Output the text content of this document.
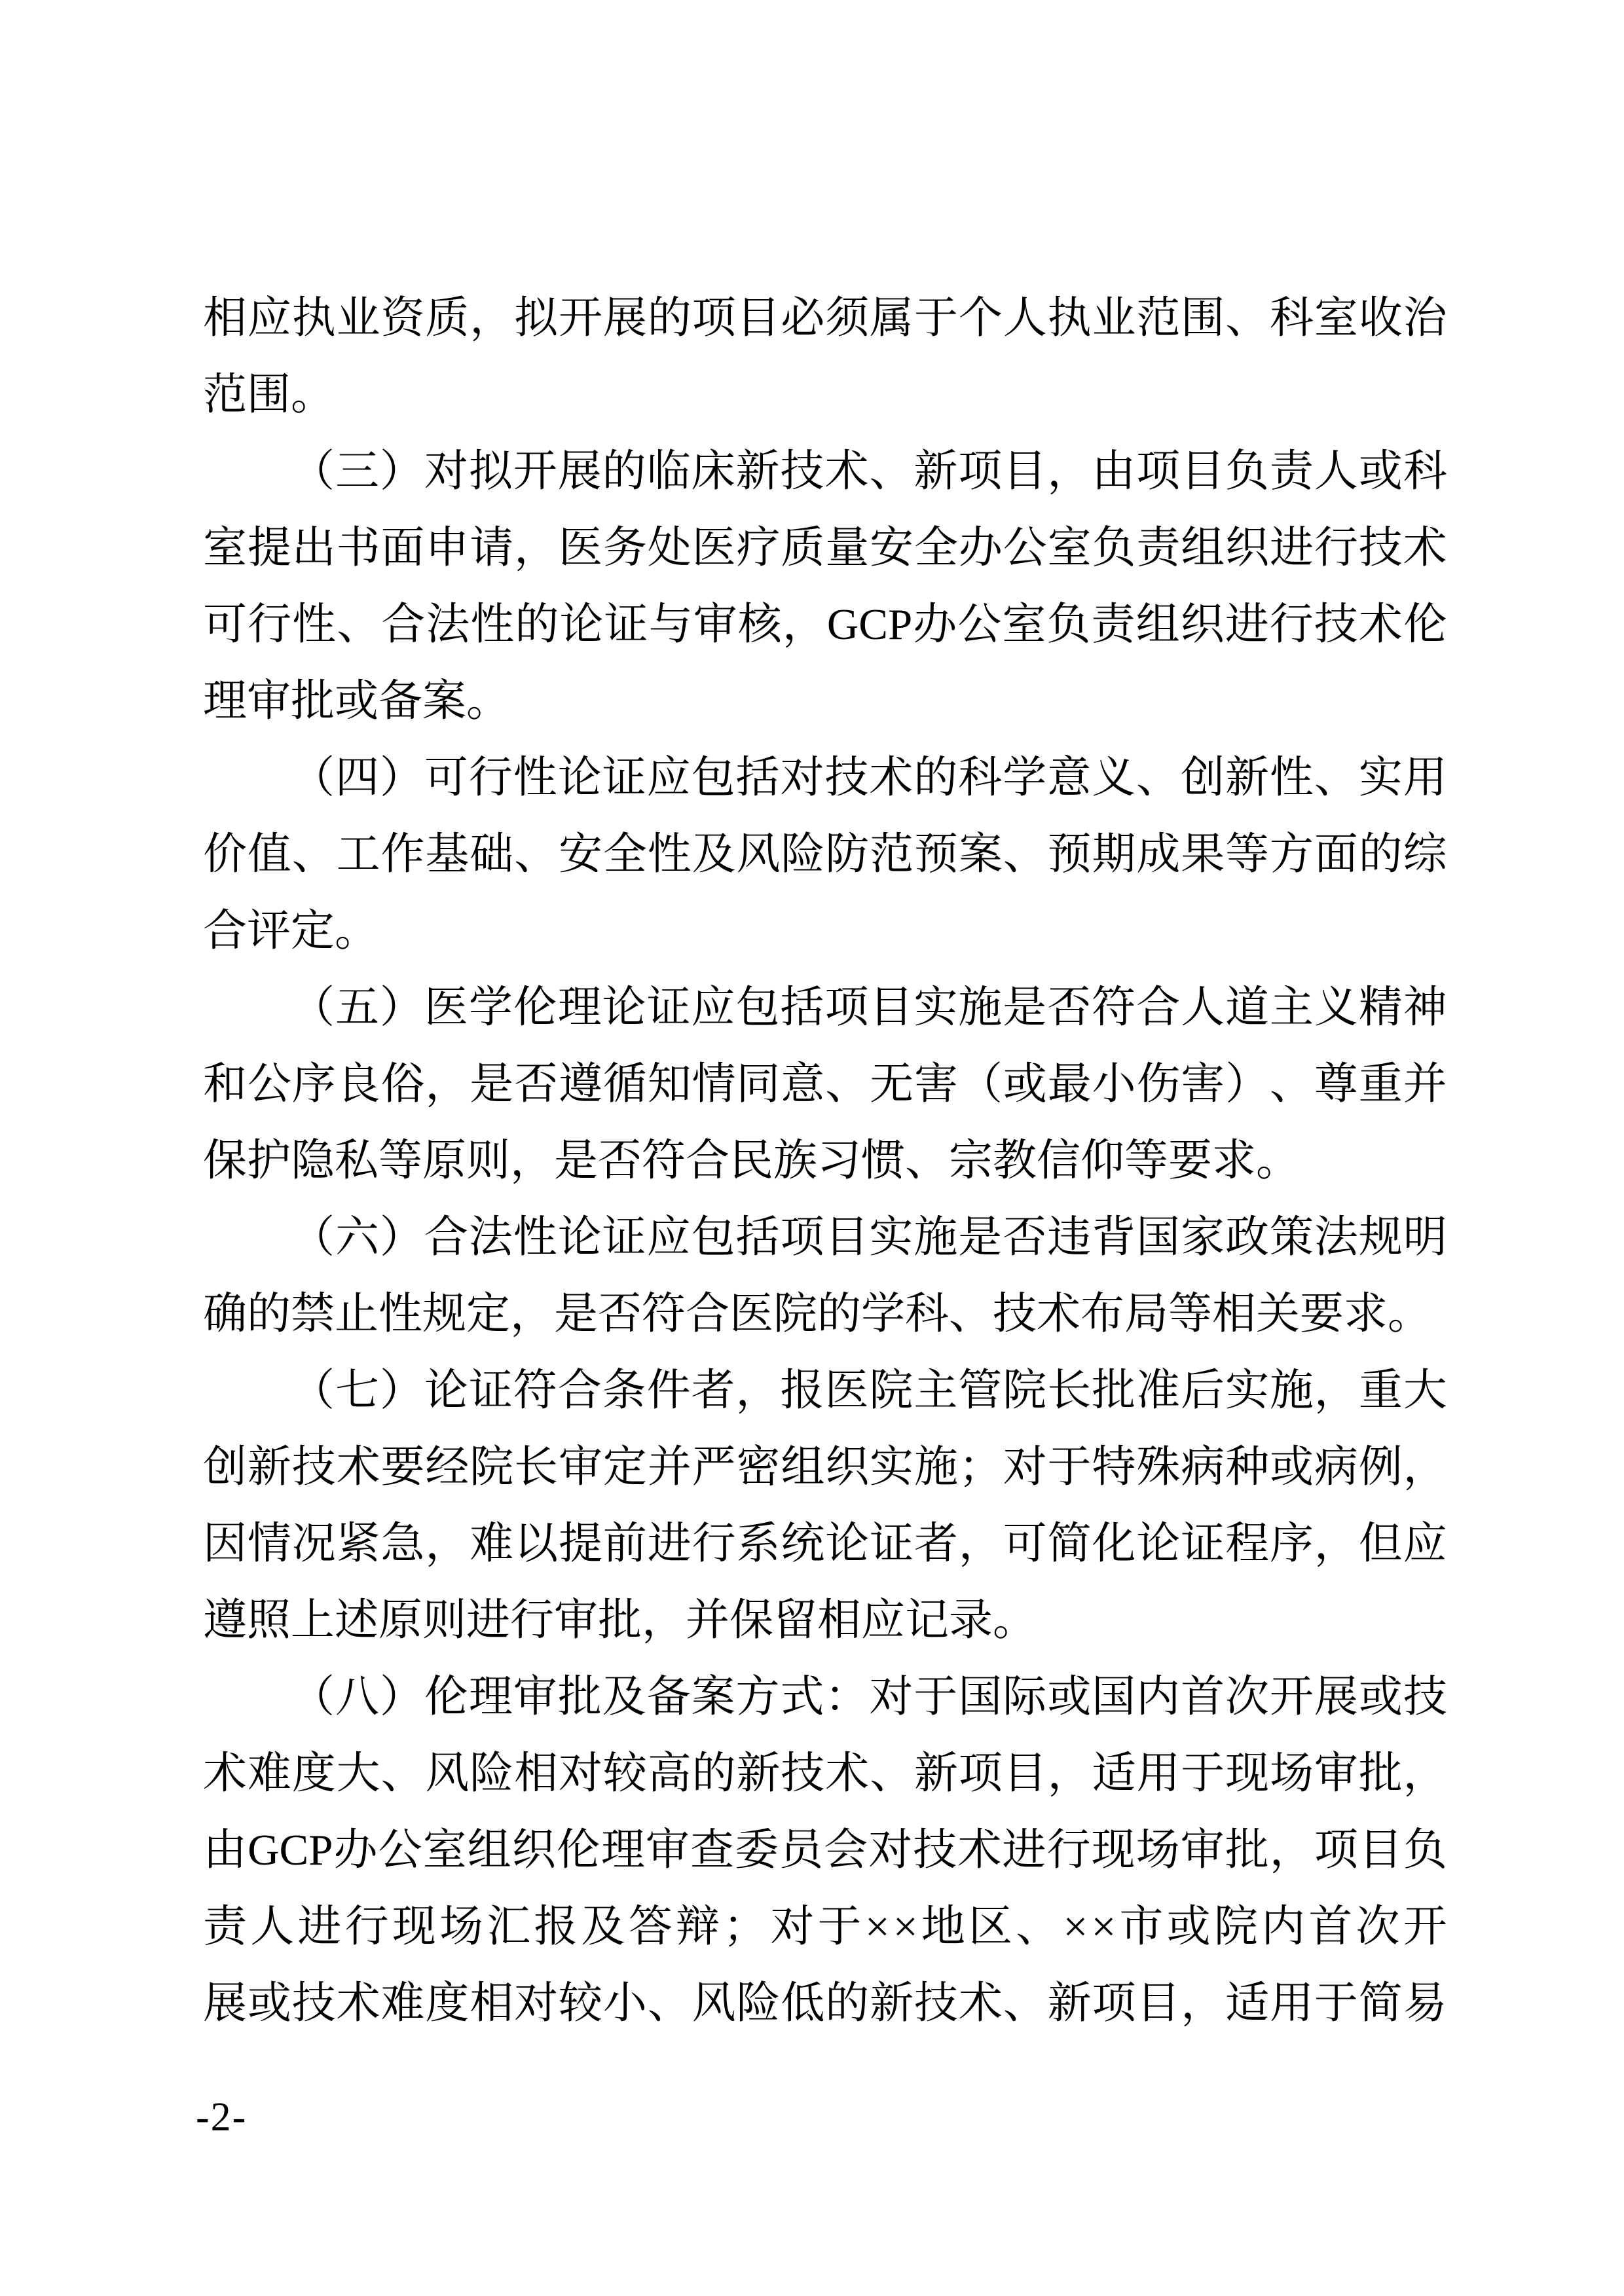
相 应 执 业 资 质 ， 拟 开 展 的 项 目 必 须 属 于 个 人 执 业 范 围 、 科 室 收 治
范 围 。
（ 三 ） 对 拟 开 展 的 临 床 新 技 术 、 新 项 目 ， 由 项 目 负 责 人 或 科
室 提 出 书 面 申 请 ， 医 务 处 医 疗 质 量 安 全 办 公 室 负 责 组 织 进 行 技 术
可 行 性 、 合 法 性 的 论 证 与 审 核 ， GCP 办 公 室 负 责 组 织 进 行 技 术 伦
理 审 批 或 备 案 。
（ 四 ） 可 行 性 论 证 应 包 括 对 技 术 的 科 学 意 义 、 创 新 性 、 实 用
价 值 、 工 作 基 础 、 安 全 性 及 风 险 防 范 预 案 、 预 期 成 果 等 方 面 的 综
合 评 定 。
（ 五 ） 医 学 伦 理 论 证 应 包 括 项 目 实 施 是 否 符 合 人 道 主 义 精 神
和 公 序 良 俗 ， 是 否 遵 循 知 情 同 意 、 无 害 （ 或 最 小 伤 害 ） 、 尊 重 并
保 护 隐 私 等 原 则 ， 是 否 符 合 民 族 习 惯 、 宗 教 信 仰 等 要 求 。
（ 六 ） 合 法 性 论 证 应 包 括 项 目 实 施 是 否 违 背 国 家 政 策 法 规 明
确 的 禁 止 性 规 定 ， 是 否 符 合 医 院 的 学 科 、 技 术 布 局 等 相 关 要 求 。
（ 七 ） 论 证 符 合 条 件 者 ， 报 医 院 主 管 院 长 批 准 后 实 施 ， 重 大
创 新 技 术 要 经 院 长 审 定 并 严 密 组 织 实 施 ； 对 于 特 殊 病 种 或 病 例 ，
因 情 况 紧 急 ， 难 以 提 前 进 行 系 统 论 证 者 ， 可 简 化 论 证 程 序 ， 但 应
遵 照 上 述 原 则 进 行 审 批 ， 并 保 留 相 应 记 录 。
（ 八 ） 伦 理 审 批 及 备 案 方 式 ： 对 于 国 际 或 国 内 首 次 开 展 或 技
术 难 度 大 、 风 险 相 对 较 高 的 新 技 术 、 新 项 目 ， 适 用 于 现 场 审 批 ，
由 GCP 办 公 室 组 织 伦 理 审 查 委 员 会 对 技 术 进 行 现 场 审 批 ， 项 目 负
责 人 进 行 现 场 汇 报 及 答 辩 ； 对 于 × × 地 区 、 × × 市 或 院 内 首 次 开
展 或 技 术 难 度 相 对 较 小 、 风 险 低 的 新 技 术 、 新 项 目 ， 适 用 于 简 易
-2-
